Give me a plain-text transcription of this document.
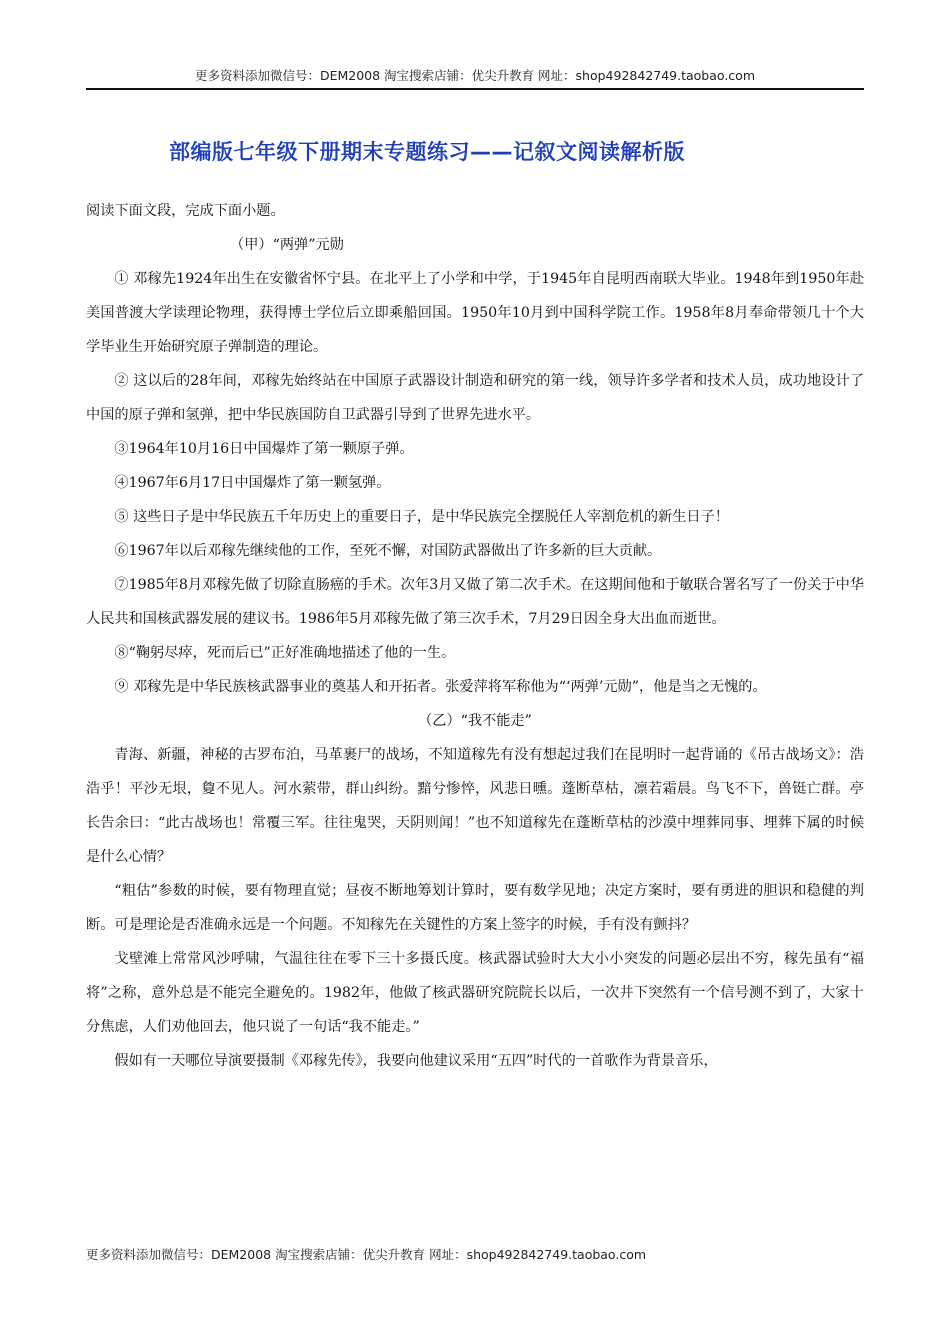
更多资料添加微信号：DEM2008 淘宝搜索店铺：优尖升教育 网址：shop492842749.taobao.com
部编版七年级下册期末专题练习——记叙文阅读解析版

阅读下面文段，完成下面小题。

（甲）“两弹”元勋

① 邓稼先1924年出生在安徽省怀宁县。在北平上了小学和中学，于1945年自昆明西南联大毕业。1948年到1950年赴美国普渡大学读理论物理，获得博士学位后立即乘船回国。1950年10月到中国科学院工作。1958年8月奉命带领几十个大学毕业生开始研究原子弹制造的理论。

② 这以后的28年间，邓稼先始终站在中国原子武器设计制造和研究的第一线，领导许多学者和技术人员，成功地设计了中国的原子弹和氢弹，把中华民族国防自卫武器引导到了世界先进水平。

③1964年10月16日中国爆炸了第一颗原子弹。

④1967年6月17日中国爆炸了第一颗氢弹。

⑤ 这些日子是中华民族五千年历史上的重要日子，是中华民族完全摆脱任人宰割危机的新生日子！

⑥1967年以后邓稼先继续他的工作，至死不懈，对国防武器做出了许多新的巨大贡献。

⑦1985年8月邓稼先做了切除直肠癌的手术。次年3月又做了第二次手术。在这期间他和于敏联合署名写了一份关于中华人民共和国核武器发展的建议书。1986年5月邓稼先做了第三次手术，7月29日因全身大出血而逝世。

⑧“鞠躬尽瘁，死而后已”正好准确地描述了他的一生。

⑨ 邓稼先是中华民族核武器事业的奠基人和开拓者。张爱萍将军称他为“‘两弹’元勋”，他是当之无愧的。

（乙）“我不能走”

青海、新疆，神秘的古罗布泊，马革裹尸的战场，不知道稼先有没有想起过我们在昆明时一起背诵的《吊古战场文》：浩浩乎！平沙无垠，敻不见人。河水萦带，群山纠纷。黯兮惨悴，风悲日曛。蓬断草枯，凛若霜晨。鸟飞不下，兽铤亡群。亭长告余曰：“此古战场也！常覆三军。往往鬼哭，天阴则闻！”也不知道稼先在蓬断草枯的沙漠中埋葬同事、埋葬下属的时候是什么心情？

“粗估”参数的时候，要有物理直觉；昼夜不断地筹划计算时，要有数学见地；决定方案时，要有勇进的胆识和稳健的判断。可是理论是否准确永远是一个问题。不知稼先在关键性的方案上签字的时候，手有没有颤抖？

戈壁滩上常常风沙呼啸，气温往往在零下三十多摄氏度。核武器试验时大大小小突发的问题必层出不穷，稼先虽有“福将”之称，意外总是不能完全避免的。1982年，他做了核武器研究院院长以后，一次井下突然有一个信号测不到了，大家十分焦虑，人们劝他回去，他只说了一句话“我不能走。”

假如有一天哪位导演要摄制《邓稼先传》，我要向他建议采用“五四”时代的一首歌作为背景音乐，

更多资料添加微信号：DEM2008 淘宝搜索店铺：优尖升教育 网址：shop492842749.taobao.com
